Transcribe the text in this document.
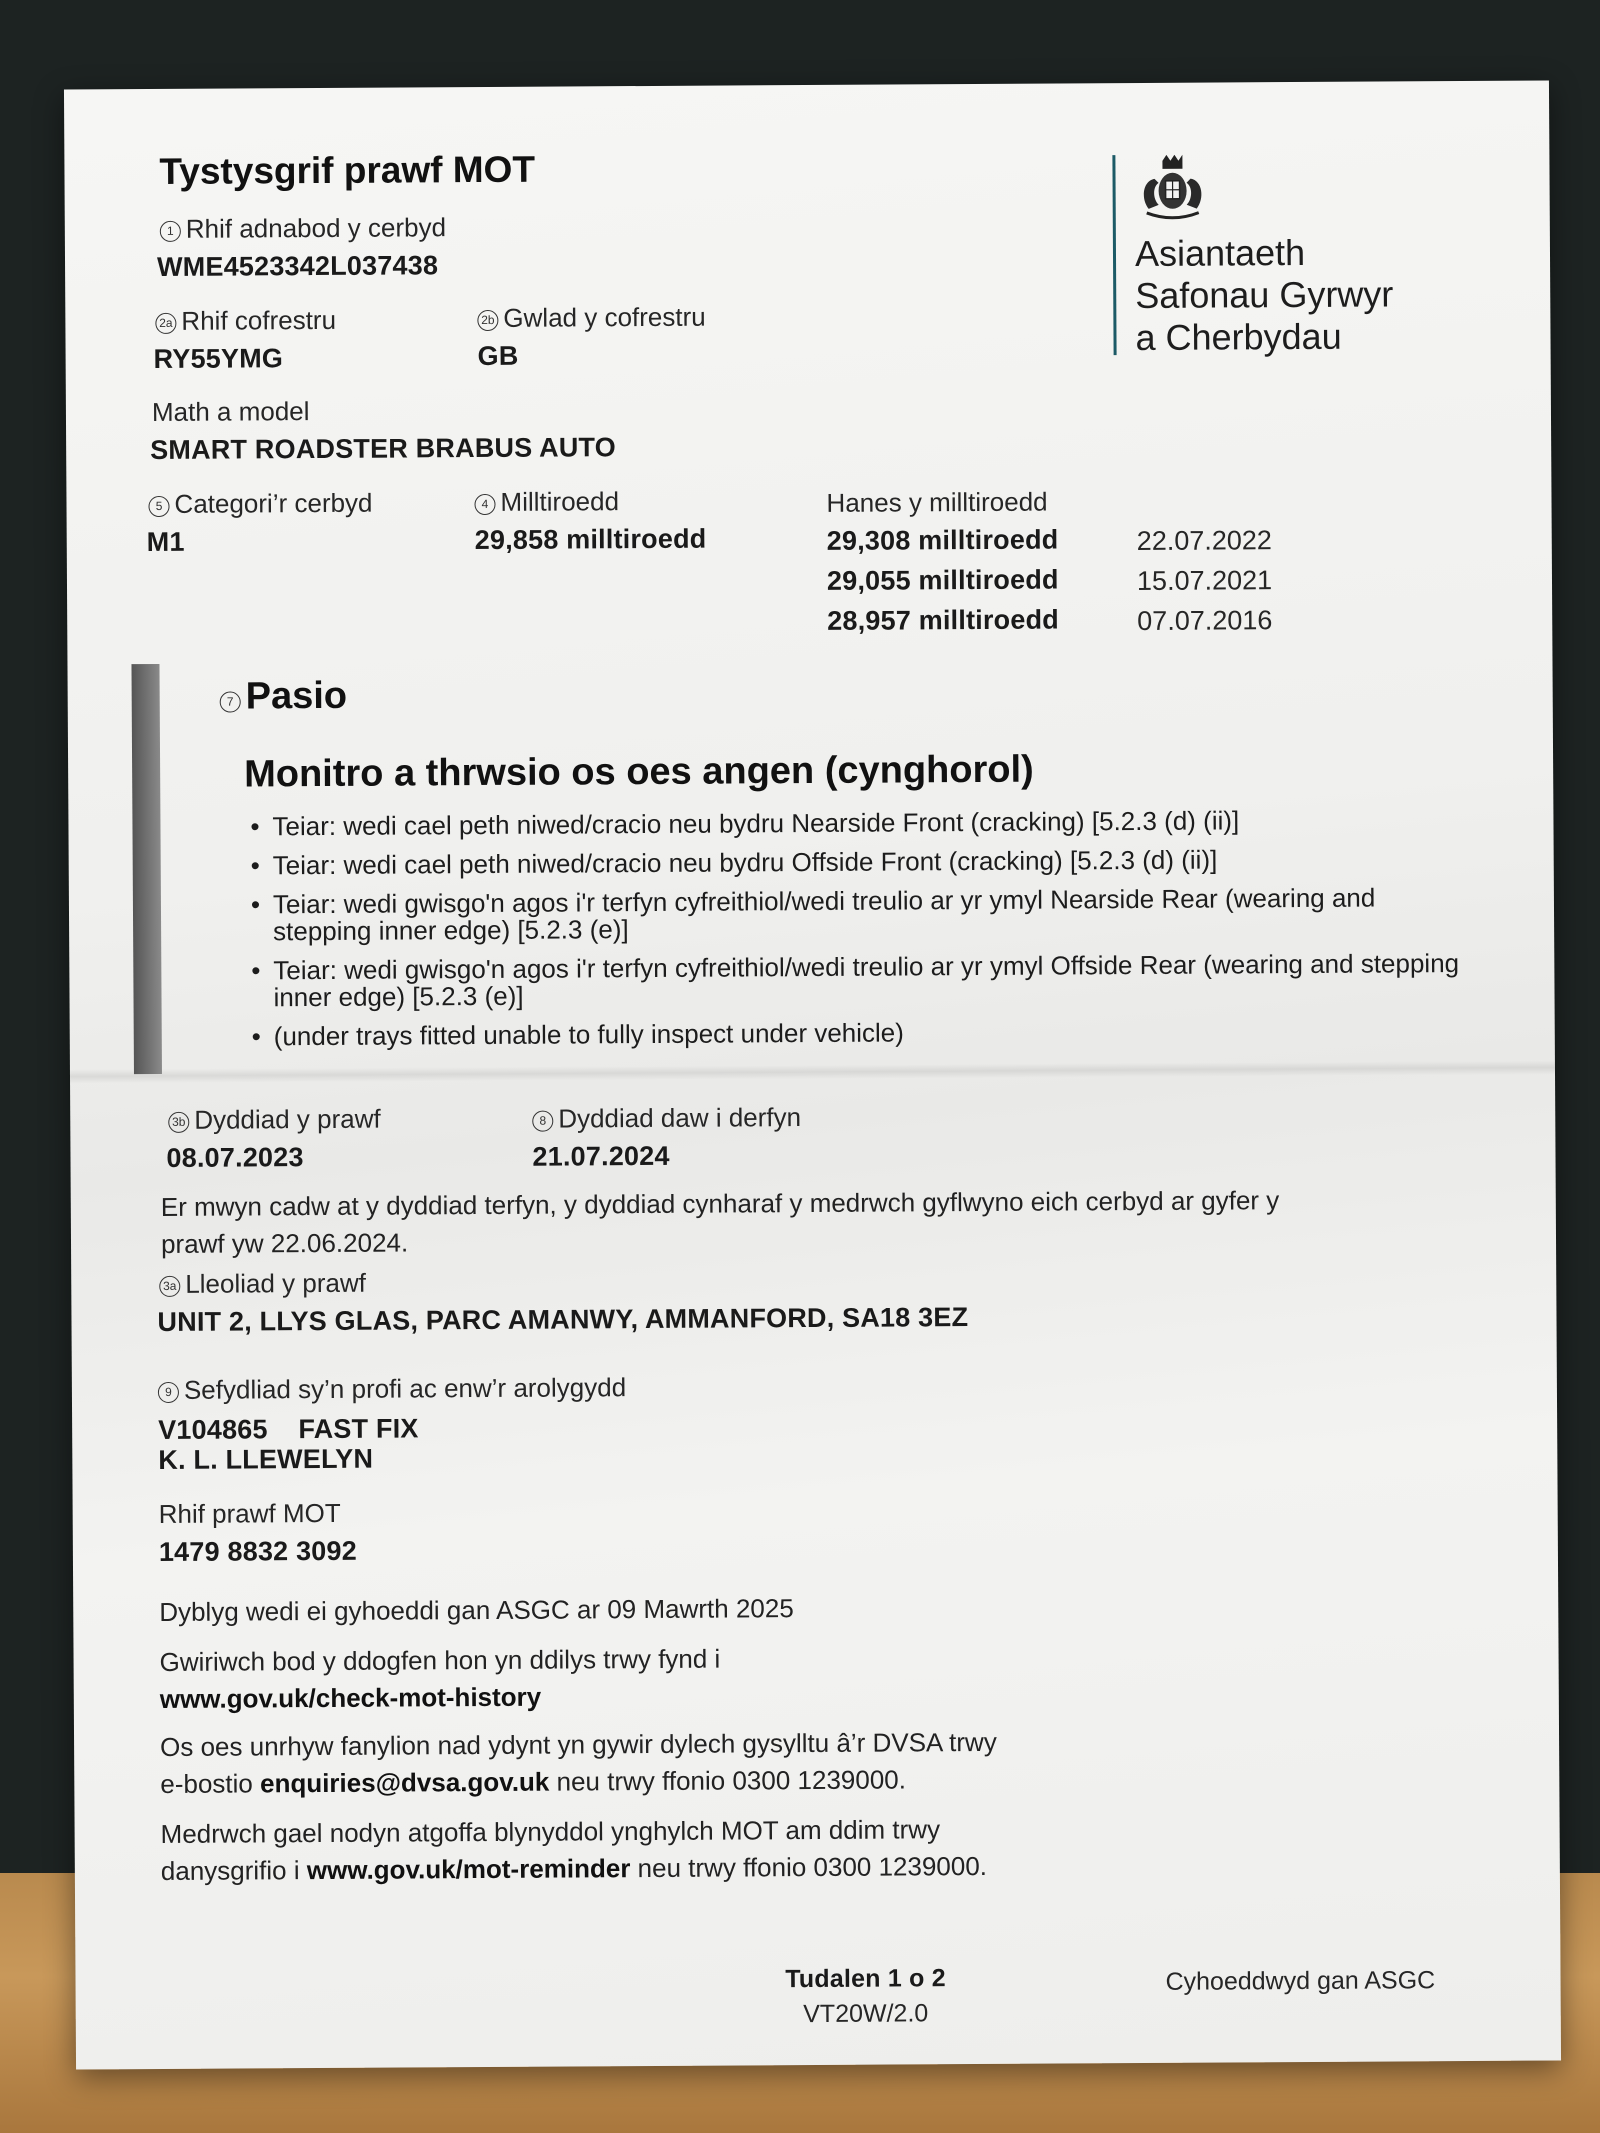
Tystysgrif prawf MOT
Asiantaeth
Safonau Gyrwyr
a Cherbydau
1 Rhif adnabod y cerbyd
WME4523342L037438
2a Rhif cofrestru
RY55YMG
2b Gwlad y cofrestru
GB
Math a model
SMART ROADSTER BRABUS AUTO
5 Categori’r cerbyd
M1
4 Milltiroedd
29,858 milltiroedd
Hanes y milltiroedd
29,308 milltiroedd	22.07.2022
29,055 milltiroedd	15.07.2021
28,957 milltiroedd	07.07.2016
7 Pasio
Monitro a thrwsio os oes angen (cynghorol)
• Teiar: wedi cael peth niwed/cracio neu bydru Nearside Front (cracking) [5.2.3 (d) (ii)]
• Teiar: wedi cael peth niwed/cracio neu bydru Offside Front (cracking) [5.2.3 (d) (ii)]
• Teiar: wedi gwisgo'n agos i'r terfyn cyfreithiol/wedi treulio ar yr ymyl Nearside Rear (wearing and stepping inner edge) [5.2.3 (e)]
• Teiar: wedi gwisgo'n agos i'r terfyn cyfreithiol/wedi treulio ar yr ymyl Offside Rear (wearing and stepping inner edge) [5.2.3 (e)]
• (under trays fitted unable to fully inspect under vehicle)
3b Dyddiad y prawf
08.07.2023
8 Dyddiad daw i derfyn
21.07.2024
Er mwyn cadw at y dyddiad terfyn, y dyddiad cynharaf y medrwch gyflwyno eich cerbyd ar gyfer y prawf yw 22.06.2024.
3a Lleoliad y prawf
UNIT 2, LLYS GLAS, PARC AMANWY, AMMANFORD, SA18 3EZ
9 Sefydliad sy’n profi ac enw’r arolygydd
V104865    FAST FIX
K. L. LLEWELYN
Rhif prawf MOT
1479 8832 3092
Dyblyg wedi ei gyhoeddi gan ASGC ar 09 Mawrth 2025
Gwiriwch bod y ddogfen hon yn ddilys trwy fynd i
www.gov.uk/check-mot-history
Os oes unrhyw fanylion nad ydynt yn gywir dylech gysylltu â’r DVSA trwy
e-bostio enquiries@dvsa.gov.uk neu trwy ffonio 0300 1239000.
Medrwch gael nodyn atgoffa blynyddol ynghylch MOT am ddim trwy
danysgrifio i www.gov.uk/mot-reminder neu trwy ffonio 0300 1239000.
Tudalen 1 o 2
VT20W/2.0
Cyhoeddwyd gan ASGC
